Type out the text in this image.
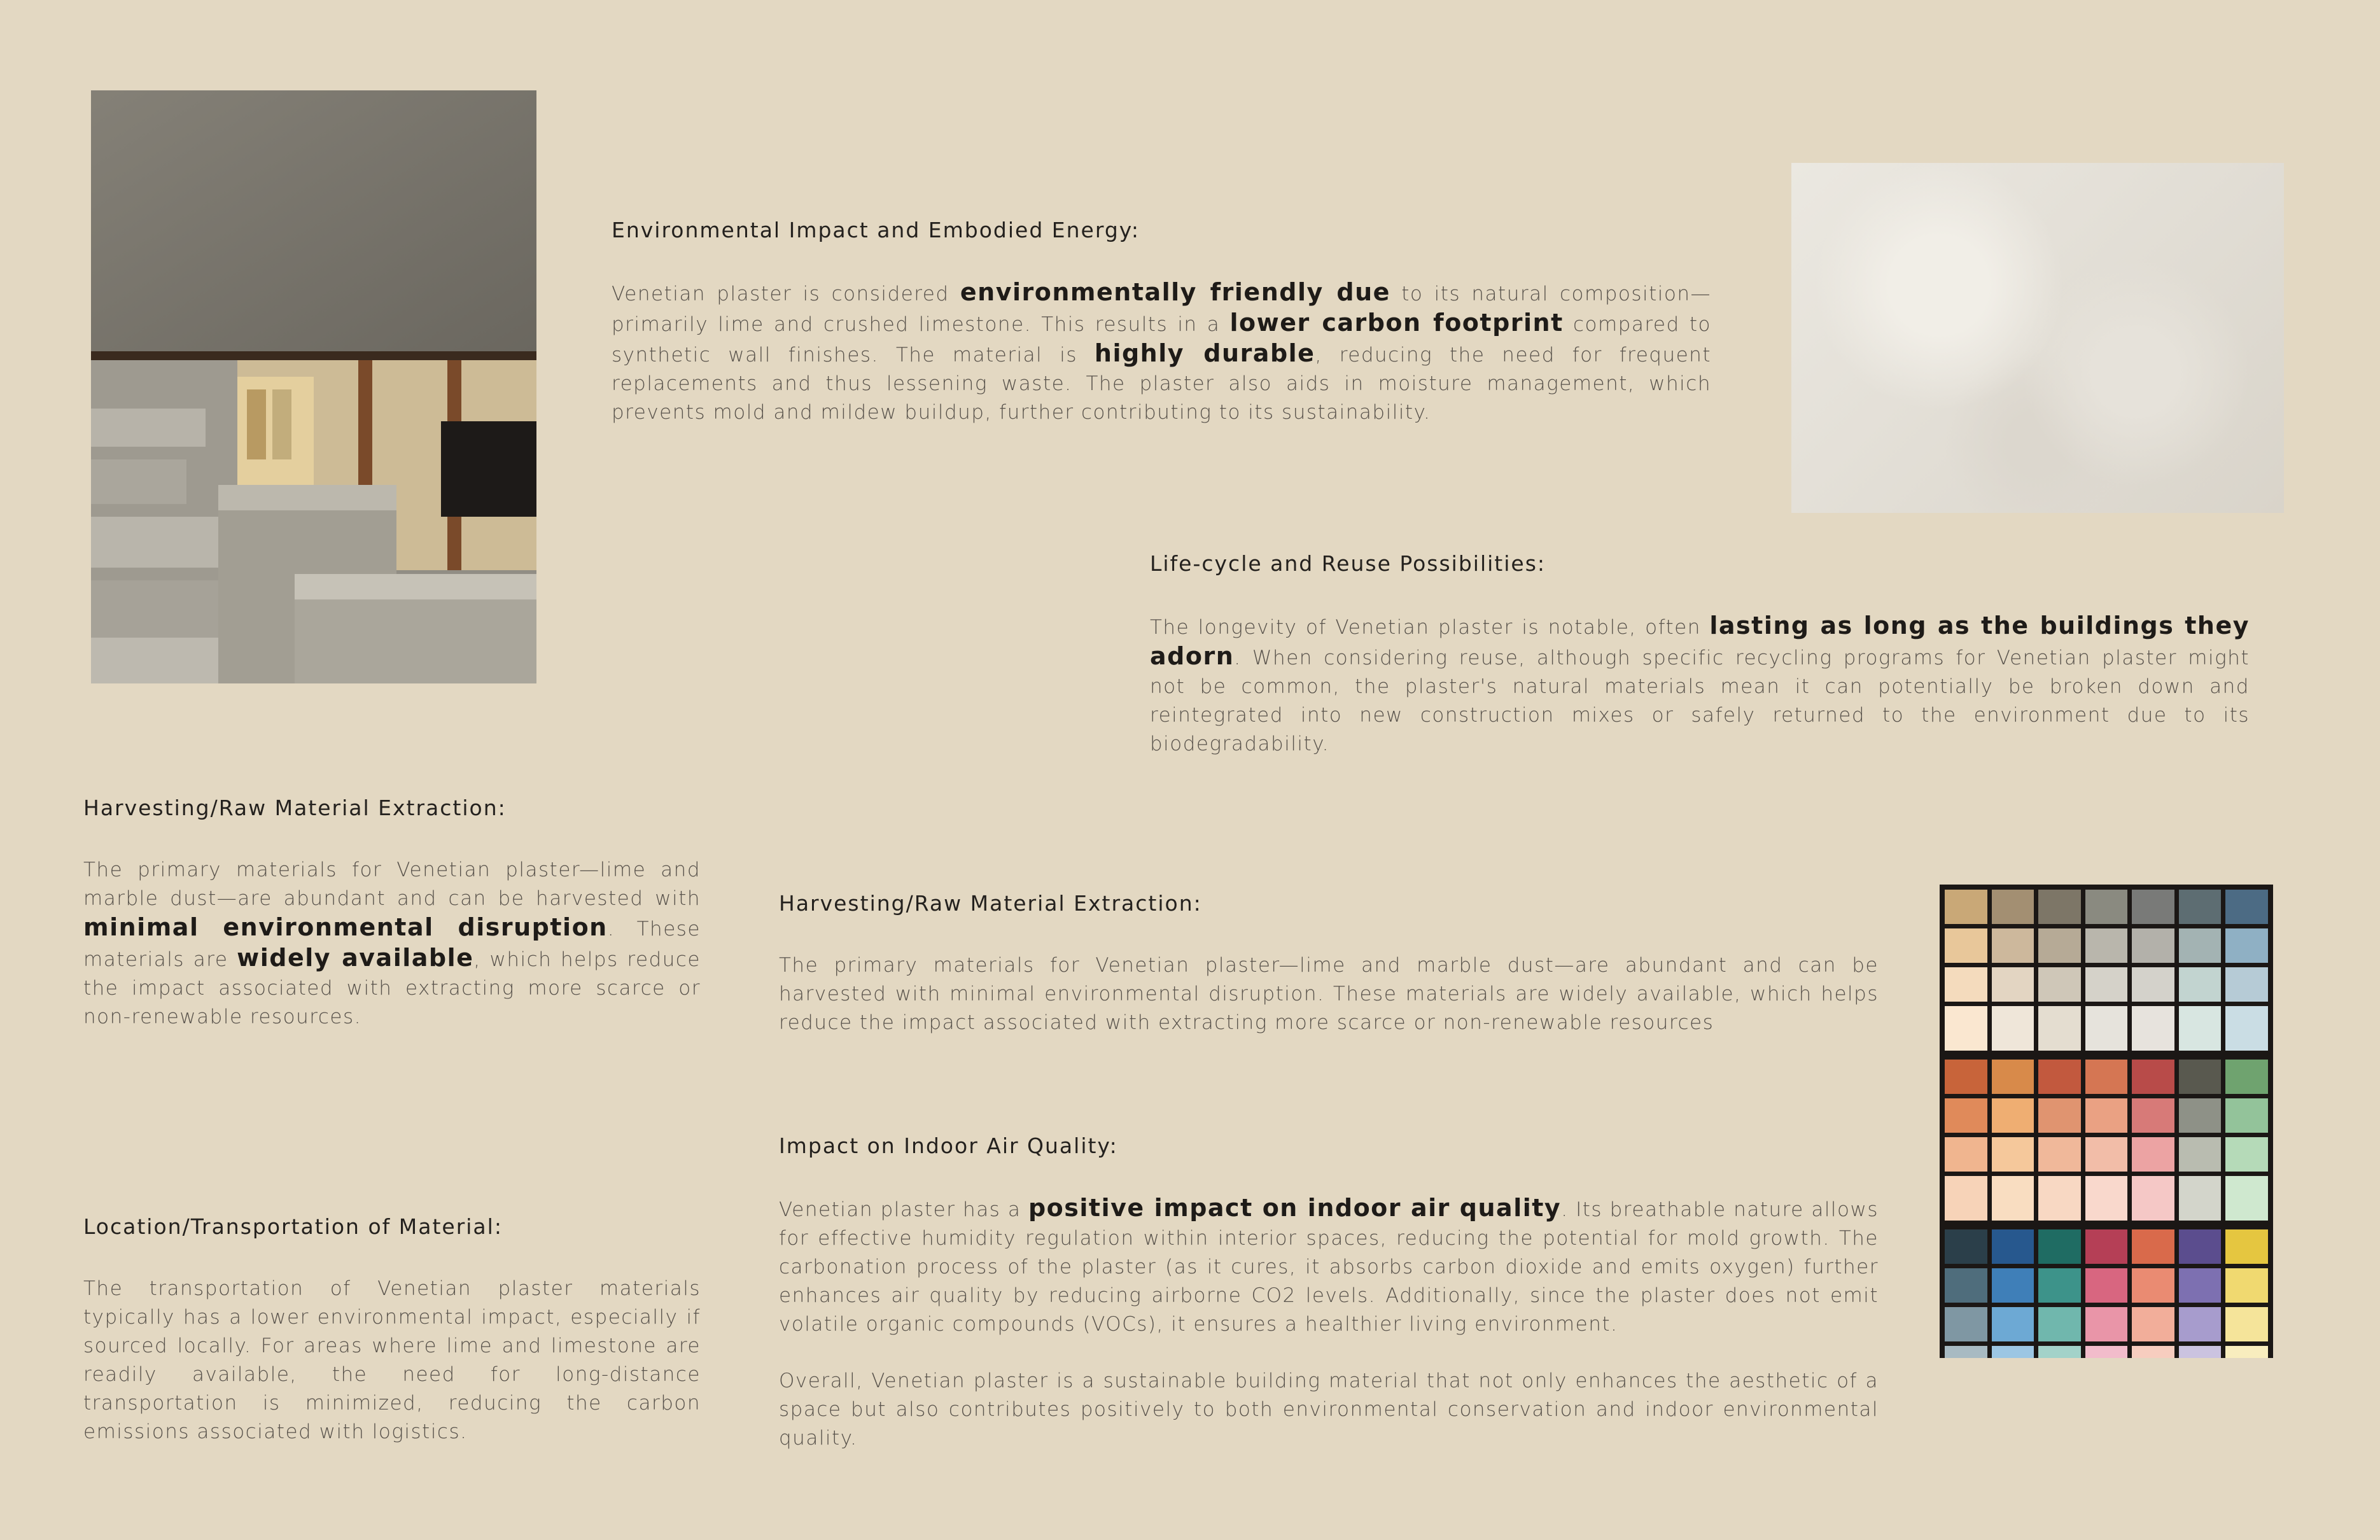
Environmental Impact and Embodied Energy:

Venetian plaster is considered environmentally friendly due to its natural composition—primarily lime and crushed limestone. This results in a lower carbon footprint compared to synthetic wall finishes. The material is highly durable, reducing the need for frequent replacements and thus lessening waste. The plaster also aids in moisture management, which prevents mold and mildew buildup, further contributing to its sustainability.

Life-cycle and Reuse Possibilities:

The longevity of Venetian plaster is notable, often lasting as long as the buildings they adorn. When considering reuse, although specific recycling programs for Venetian plaster might not be common, the plaster's natural materials mean it can potentially be broken down and reintegrated into new construction mixes or safely returned to the environment due to its biodegradability.

Harvesting/Raw Material Extraction:

The primary materials for Venetian plaster—lime and marble dust—are abundant and can be harvested with minimal environmental disruption. These materials are widely available, which helps reduce the impact associated with extracting more scarce or non-renewable resources.

Harvesting/Raw Material Extraction:

The primary materials for Venetian plaster—lime and marble dust—are abundant and can be harvested with minimal environmental disruption. These materials are widely available, which helps reduce the impact associated with extracting more scarce or non-renewable resources

Location/Transportation of Material:

The transportation of Venetian plaster materials typically has a lower environmental impact, especially if sourced locally. For areas where lime and limestone are readily available, the need for long-distance transportation is minimized, reducing the carbon emissions associated with logistics.

Impact on Indoor Air Quality:

Venetian plaster has a positive impact on indoor air quality. Its breathable nature allows for effective humidity regulation within interior spaces, reducing the potential for mold growth. The carbonation process of the plaster (as it cures, it absorbs carbon dioxide and emits oxygen) further enhances air quality by reducing airborne CO2 levels. Additionally, since the plaster does not emit volatile organic compounds (VOCs), it ensures a healthier living environment.

Overall, Venetian plaster is a sustainable building material that not only enhances the aesthetic of a space but also contributes positively to both environmental conservation and indoor environmental quality.
